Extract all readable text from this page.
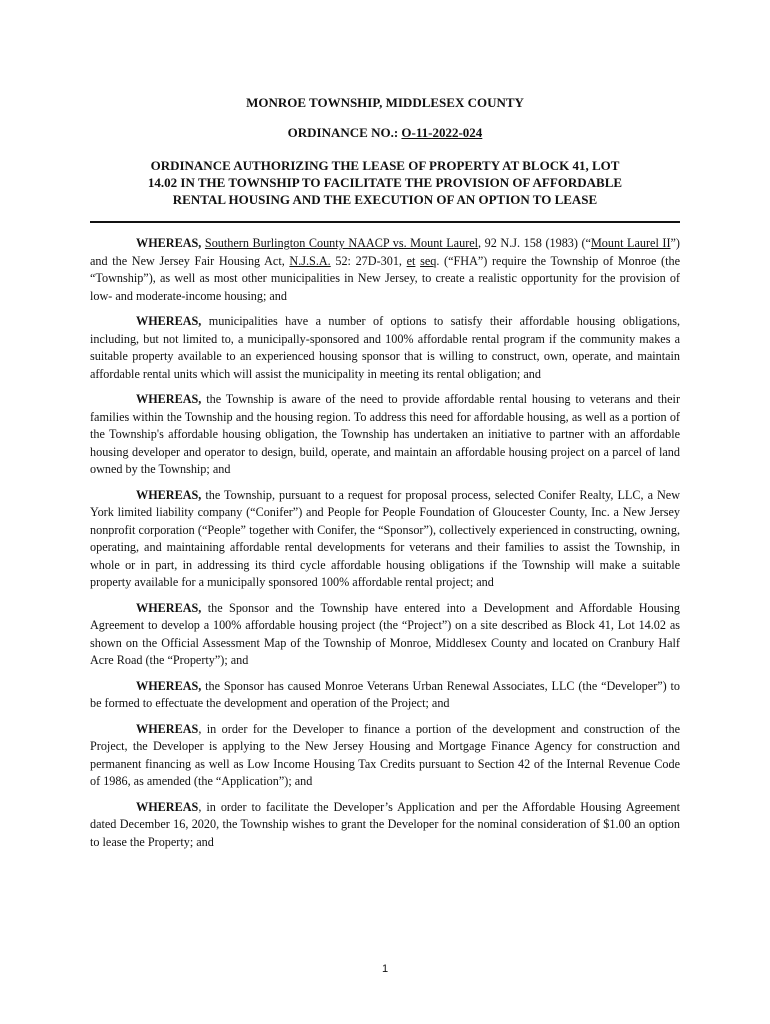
MONROE TOWNSHIP, MIDDLESEX COUNTY

ORDINANCE NO.: O-11-2022-024

ORDINANCE AUTHORIZING THE LEASE OF PROPERTY AT BLOCK 41, LOT 14.02 IN THE TOWNSHIP TO FACILITATE THE PROVISION OF AFFORDABLE RENTAL HOUSING AND THE EXECUTION OF AN OPTION TO LEASE

WHEREAS, Southern Burlington County NAACP vs. Mount Laurel, 92 N.J. 158 (1983) (“Mount Laurel II”) and the New Jersey Fair Housing Act, N.J.S.A. 52: 27D-301, et seq. (“FHA”) require the Township of Monroe (the “Township”), as well as most other municipalities in New Jersey, to create a realistic opportunity for the provision of low- and moderate-income housing; and

WHEREAS, municipalities have a number of options to satisfy their affordable housing obligations, including, but not limited to, a municipally-sponsored and 100% affordable rental program if the community makes a suitable property available to an experienced housing sponsor that is willing to construct, own, operate, and maintain affordable rental units which will assist the municipality in meeting its rental obligation; and

WHEREAS, the Township is aware of the need to provide affordable rental housing to veterans and their families within the Township and the housing region. To address this need for affordable housing, as well as a portion of the Township's affordable housing obligation, the Township has undertaken an initiative to partner with an affordable housing developer and operator to design, build, operate, and maintain an affordable housing project on a parcel of land owned by the Township; and

WHEREAS, the Township, pursuant to a request for proposal process, selected Conifer Realty, LLC, a New York limited liability company (“Conifer”) and People for People Foundation of Gloucester County, Inc. a New Jersey nonprofit corporation (“People” together with Conifer, the “Sponsor”), collectively experienced in constructing, owning, operating, and maintaining affordable rental developments for veterans and their families to assist the Township, in whole or in part, in addressing its third cycle affordable housing obligations if the Township will make a suitable property available for a municipally sponsored 100% affordable rental project; and

WHEREAS, the Sponsor and the Township have entered into a Development and Affordable Housing Agreement to develop a 100% affordable housing project (the “Project”) on a site described as Block 41, Lot 14.02 as shown on the Official Assessment Map of the Township of Monroe, Middlesex County and located on Cranbury Half Acre Road (the “Property”); and

WHEREAS, the Sponsor has caused Monroe Veterans Urban Renewal Associates, LLC (the “Developer”) to be formed to effectuate the development and operation of the Project; and

WHEREAS, in order for the Developer to finance a portion of the development and construction of the Project, the Developer is applying to the New Jersey Housing and Mortgage Finance Agency for construction and permanent financing as well as Low Income Housing Tax Credits pursuant to Section 42 of the Internal Revenue Code of 1986, as amended (the “Application”); and

WHEREAS, in order to facilitate the Developer’s Application and per the Affordable Housing Agreement dated December 16, 2020, the Township wishes to grant the Developer for the nominal consideration of $1.00 an option to lease the Property; and

1
